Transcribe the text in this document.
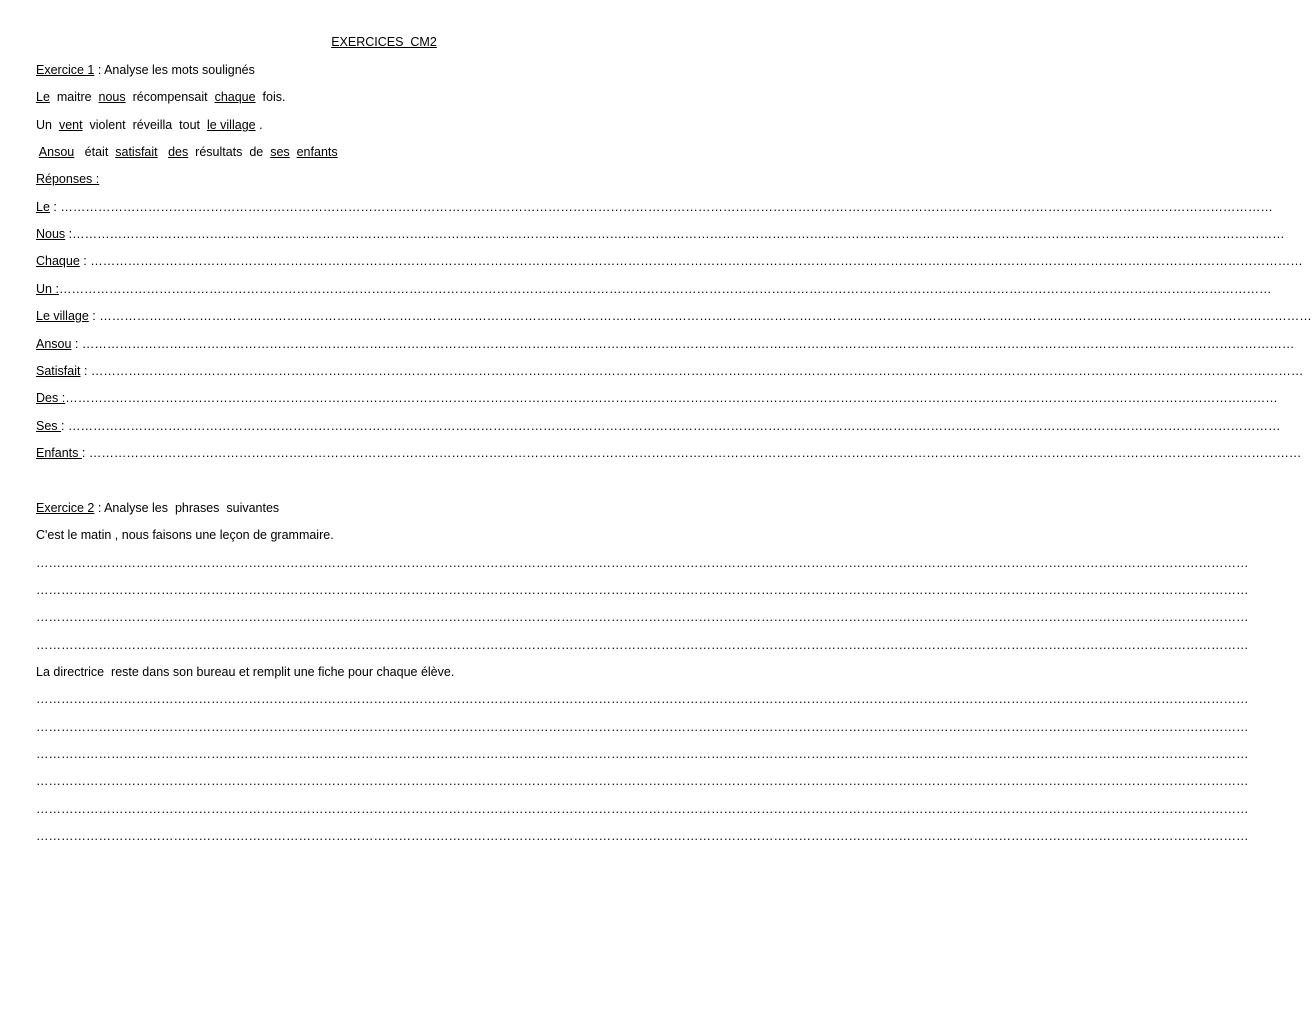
EXERCICES  CM2
Exercice 1 : Analyse les mots soulignés
Le  maitre  nous  récompensait  chaque  fois.
Un  vent  violent  réveilla  tout  le village .
Ansou   était  satisfait des  résultats  de  ses enfants
Réponses :
Le : …………………………………………………………………………………………………………………………………………………………………………………………………………………………………………………………………
Nous : …………………………………………………………………………………………………………………………………………………………………………………………………………………………………………………………………
Chaque : …………………………………………………………………………………………………………………………………………………………………………………………………………………………………………………………………
Un : …………………………………………………………………………………………………………………………………………………………………………………………………………………………………………………………………
Le village : …………………………………………………………………………………………………………………………………………………………………………………………………………………………………………………………………
Ansou : …………………………………………………………………………………………………………………………………………………………………………………………………………………………………………………………………
Satisfait : …………………………………………………………………………………………………………………………………………………………………………………………………………………………………………………………………
Des : …………………………………………………………………………………………………………………………………………………………………………………………………………………………………………………………………
Ses : …………………………………………………………………………………………………………………………………………………………………………………………………………………………………………………………………
Enfants : …………………………………………………………………………………………………………………………………………………………………………………………………………………………………………………………………
Exercice 2 : Analyse les  phrases  suivantes
C'est le matin , nous faisons une leçon de grammaire.
…………………………………………………………………………………………………………………………………………………………………………………………………………………………………………………………………
…………………………………………………………………………………………………………………………………………………………………………………………………………………………………………………………………
…………………………………………………………………………………………………………………………………………………………………………………………………………………………………………………………………
…………………………………………………………………………………………………………………………………………………………………………………………………………………………………………………………………
La directrice  reste dans son bureau et remplit une fiche pour chaque élève.
…………………………………………………………………………………………………………………………………………………………………………………………………………………………………………………………………
…………………………………………………………………………………………………………………………………………………………………………………………………………………………………………………………………
…………………………………………………………………………………………………………………………………………………………………………………………………………………………………………………………………
…………………………………………………………………………………………………………………………………………………………………………………………………………………………………………………………………
…………………………………………………………………………………………………………………………………………………………………………………………………………………………………………………………………
…………………………………………………………………………………………………………………………………………………………………………………………………………………………………………………………………
